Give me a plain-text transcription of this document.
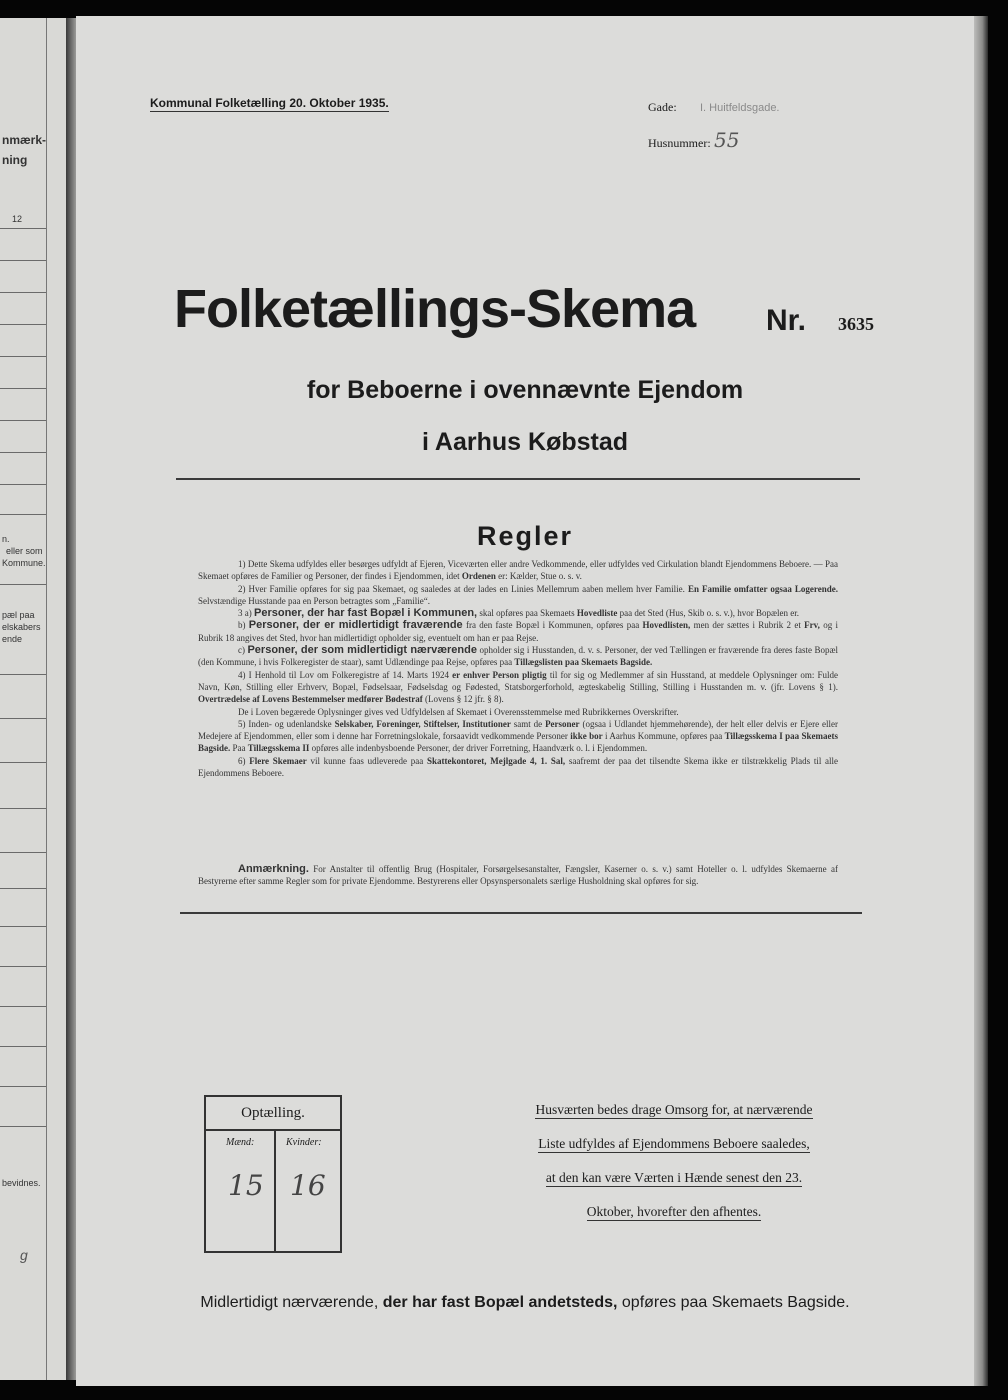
nmærk-
ning
12
n.
eller som
Kommune.
pæl paa
elskabers
ende
bevidnes.
g
Kommunal Folketælling 20. Oktober 1935.	Gade: I. Huitfeldsgade.
Husnummer: 55
Folketællings-Skema Nr. 3635
for Beboerne i ovennævnte Ejendom
i Aarhus Købstad
Regler

1) Dette Skema udfyldes eller besørges udfyldt af Ejeren, Viceværten eller andre Vedkommende, eller udfyldes ved Cirkulation blandt Ejendommens Beboere. — Paa Skemaet opføres de Familier og Personer, der findes i Ejendommen, idet Ordenen er: Kælder, Stue o. s. v.

2) Hver Familie opføres for sig paa Skemaet, og saaledes at der lades en Linies Mellemrum aaben mellem hver Familie. En Familie omfatter ogsaa Logerende. Selvstændige Husstande paa en Person betragtes som „Familie“.

3 a) Personer, der har fast Bopæl i Kommunen, skal opføres paa Skemaets Hovedliste paa det Sted (Hus, Skib o. s. v.), hvor Bopælen er.

b) Personer, der er midlertidigt fraværende fra den faste Bopæl i Kommunen, opføres paa Hovedlisten, men der sættes i Rubrik 2 et Frv, og i Rubrik 18 angives det Sted, hvor han midlertidigt opholder sig, eventuelt om han er paa Rejse.

c) Personer, der som midlertidigt nærværende opholder sig i Husstanden, d. v. s. Personer, der ved Tællingen er fraværende fra deres faste Bopæl (den Kommune, i hvis Folkeregister de staar), samt Udlændinge paa Rejse, opføres paa Tillægslisten paa Skemaets Bagside.

4) I Henhold til Lov om Folkeregistre af 14. Marts 1924 er enhver Person pligtig til for sig og Medlemmer af sin Husstand, at meddele Oplysninger om: Fulde Navn, Køn, Stilling eller Erhverv, Bopæl, Fødselsaar, Fødselsdag og Fødested, Statsborgerforhold, ægteskabelig Stilling, Stilling i Husstanden m. v. (jfr. Lovens § 1). Overtrædelse af Lovens Bestemmelser medfører Bødestraf (Lovens § 12 jfr. § 8).

De i Loven begærede Oplysninger gives ved Udfyldelsen af Skemaet i Overensstemmelse med Rubrikkernes Overskrifter.

5) Inden- og udenlandske Selskaber, Foreninger, Stiftelser, Institutioner samt de Personer (ogsaa i Udlandet hjemmehørende), der helt eller delvis er Ejere eller Medejere af Ejendommen, eller som i denne har Forretningslokale, forsaavidt vedkommende Personer ikke bor i Aarhus Kommune, opføres paa Tillægsskema I paa Skemaets Bagside. Paa Tillægsskema II opføres alle indenbysboende Personer, der driver Forretning, Haandværk o. l. i Ejendommen.

6) Flere Skemaer vil kunne faas udleverede paa Skattekontoret, Mejlgade 4, 1. Sal, saafremt der paa det tilsendte Skema ikke er tilstrækkelig Plads til alle Ejendommens Beboere.

Anmærkning. For Anstalter til offentlig Brug (Hospitaler, Forsørgelsesanstalter, Fængsler, Kaserner o. s. v.) samt Hoteller o. l. udfyldes Skemaerne af Bestyrerne efter samme Regler som for private Ejendomme. Bestyrerens eller Opsynspersonalets særlige Husholdning skal opføres for sig.

Optælling.
Mænd:	Kvinder:
15 16
Husværten bedes drage Omsorg for, at nærværende
Liste udfyldes af Ejendommens Beboere saaledes,
at den kan være Værten i Hænde senest den 23.
Oktober, hvorefter den afhentes.
Midlertidigt nærværende, der har fast Bopæl andetsteds, opføres paa Skemaets Bagside.
